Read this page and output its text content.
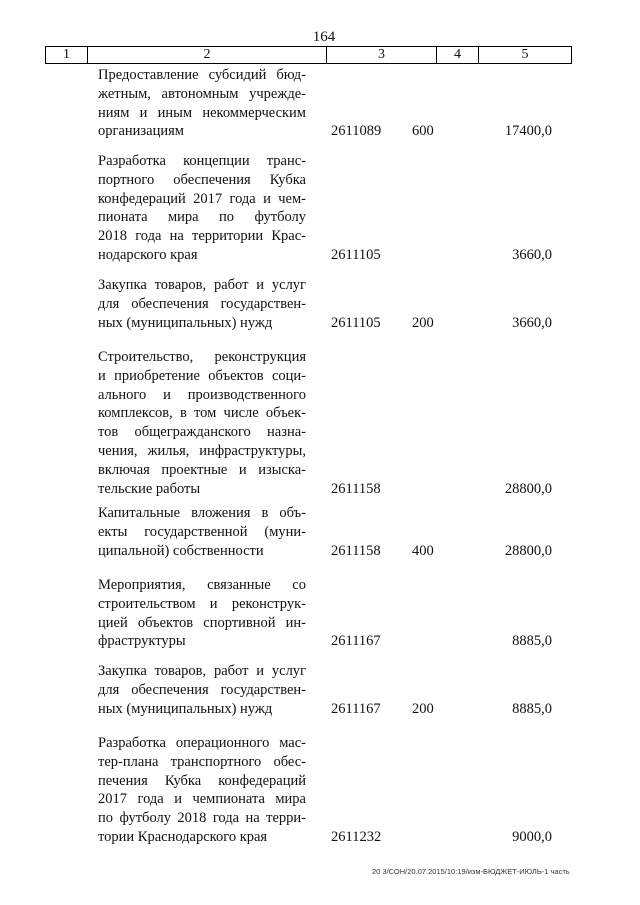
164
1	2	3	4	5
Предоставление субсидий бюд-
жетным, автономным учрежде-
ниям и иным некоммерческим
организациям	2611089 600	17400,0
Разработка концепции транс-
портного обеспечения Кубка
конфедераций 2017 года и чем-
пионата мира по футболу
2018 года на территории Крас-
нодарского края	2611105	3660,0
Закупка товаров, работ и услуг
для обеспечения государствен-
ных (муниципальных) нужд	2611105 200	3660,0
Строительство, реконструкция
и приобретение объектов соци-
ального и производственного
комплексов, в том числе объек-
тов общегражданского назна-
чения, жилья, инфраструктуры,
включая проектные и изыска-
тельские работы	2611158	28800,0
Капитальные вложения в объ-
екты государственной (муни-
ципальной) собственности	2611158 400	28800,0
Мероприятия, связанные со
строительством и реконструк-
цией объектов спортивной ин-
фраструктуры	2611167	8885,0
Закупка товаров, работ и услуг
для обеспечения государствен-
ных (муниципальных) нужд	2611167 200	8885,0
Разработка операционного мас-
тер-плана транспортного обес-
печения Кубка конфедераций
2017 года и чемпионата мира
по футболу 2018 года на терри-
тории Краснодарского края	2611232	9000,0
20 3/СОН/20.07.2015/10:19/изм-БЮДЖЕТ-ИЮЛЬ-1 часть
